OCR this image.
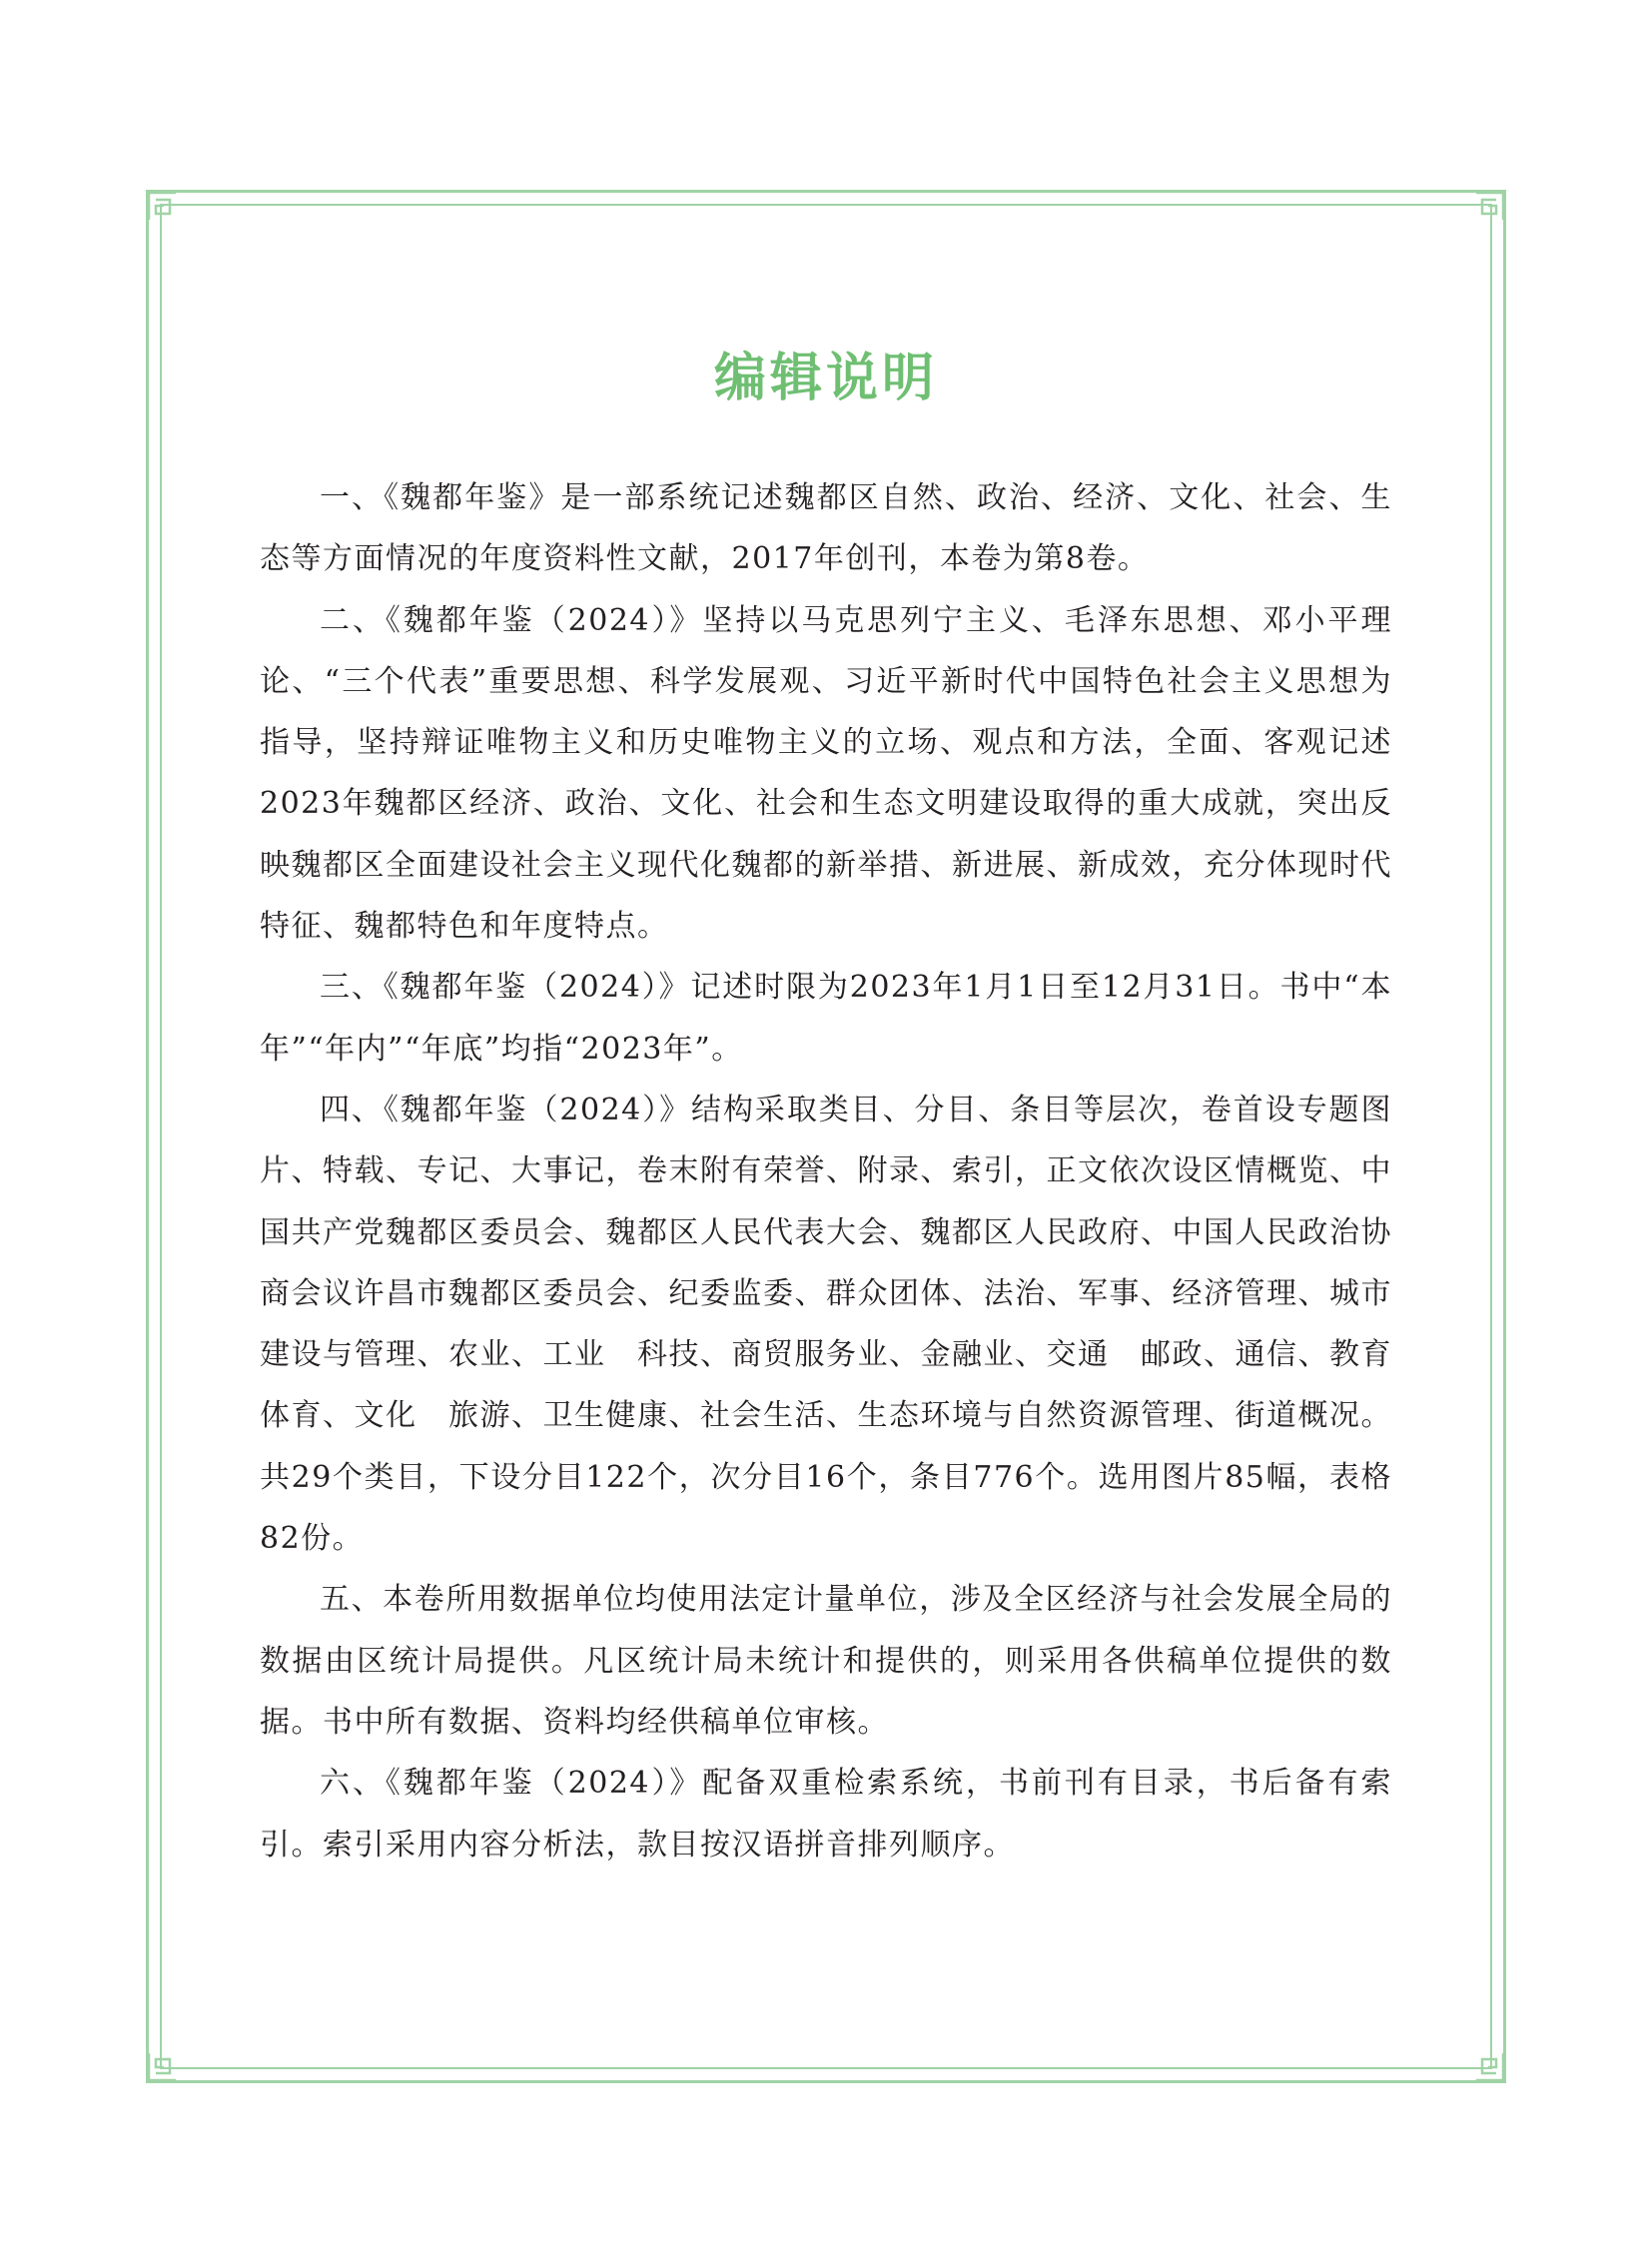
编辑说明

一、《魏都年鉴》是一部系统记述魏都区自然、政治、经济、文化、社会、生态等方面情况的年度资料性文献，2017年创刊，本卷为第8卷。

二、《魏都年鉴（2024）》坚持以马克思列宁主义、毛泽东思想、邓小平理论、“三个代表”重要思想、科学发展观、习近平新时代中国特色社会主义思想为指导，坚持辩证唯物主义和历史唯物主义的立场、观点和方法，全面、客观记述2023年魏都区经济、政治、文化、社会和生态文明建设取得的重大成就，突出反映魏都区全面建设社会主义现代化魏都的新举措、新进展、新成效，充分体现时代特征、魏都特色和年度特点。

三、《魏都年鉴（2024）》记述时限为2023年1月1日至12月31日。书中“本年”“年内”“年底”均指“2023年”。

四、《魏都年鉴（2024）》结构采取类目、分目、条目等层次，卷首设专题图片、特载、专记、大事记，卷末附有荣誉、附录、索引，正文依次设区情概览、中国共产党魏都区委员会、魏都区人民代表大会、魏都区人民政府、中国人民政治协商会议许昌市魏都区委员会、纪委监委、群众团体、法治、军事、经济管理、城市建设与管理、农业、工业　科技、商贸服务业、金融业、交通　邮政、通信、教育　体育、文化　旅游、卫生健康、社会生活、生态环境与自然资源管理、街道概况。共29个类目，下设分目122个，次分目16个，条目776个。选用图片85幅，表格82份。

五、本卷所用数据单位均使用法定计量单位，涉及全区经济与社会发展全局的数据由区统计局提供。凡区统计局未统计和提供的，则采用各供稿单位提供的数据。书中所有数据、资料均经供稿单位审核。

六、《魏都年鉴（2024）》配备双重检索系统，书前刊有目录，书后备有索引。索引采用内容分析法，款目按汉语拼音排列顺序。
